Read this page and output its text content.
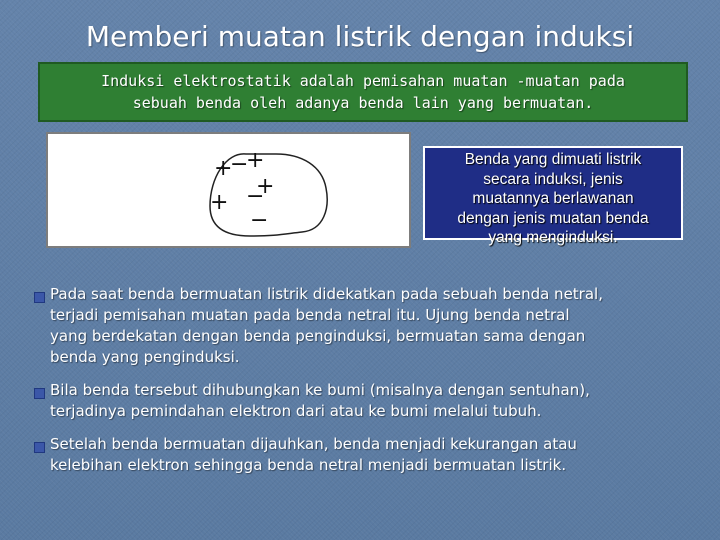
Memberi muatan listrik dengan induksi
Induksi elektrostatik adalah pemisahan muatan -muatan pada
sebuah benda oleh adanya benda lain yang bermuatan.
+
−
+
+
−
+
−
Benda yang dimuati listrik
secara induksi, jenis
muatannya berlawanan
dengan jenis muatan benda
yang menginduksi.
Pada saat benda bermuatan listrik didekatkan pada sebuah benda netral,
terjadi pemisahan muatan pada benda netral itu. Ujung benda netral
yang berdekatan dengan benda penginduksi, bermuatan sama dengan
benda yang penginduksi.
Bila benda tersebut dihubungkan ke bumi (misalnya dengan sentuhan),
terjadinya pemindahan elektron dari atau ke bumi melalui tubuh.
Setelah benda bermuatan dijauhkan, benda menjadi kekurangan atau
kelebihan elektron sehingga benda netral menjadi bermuatan listrik.
